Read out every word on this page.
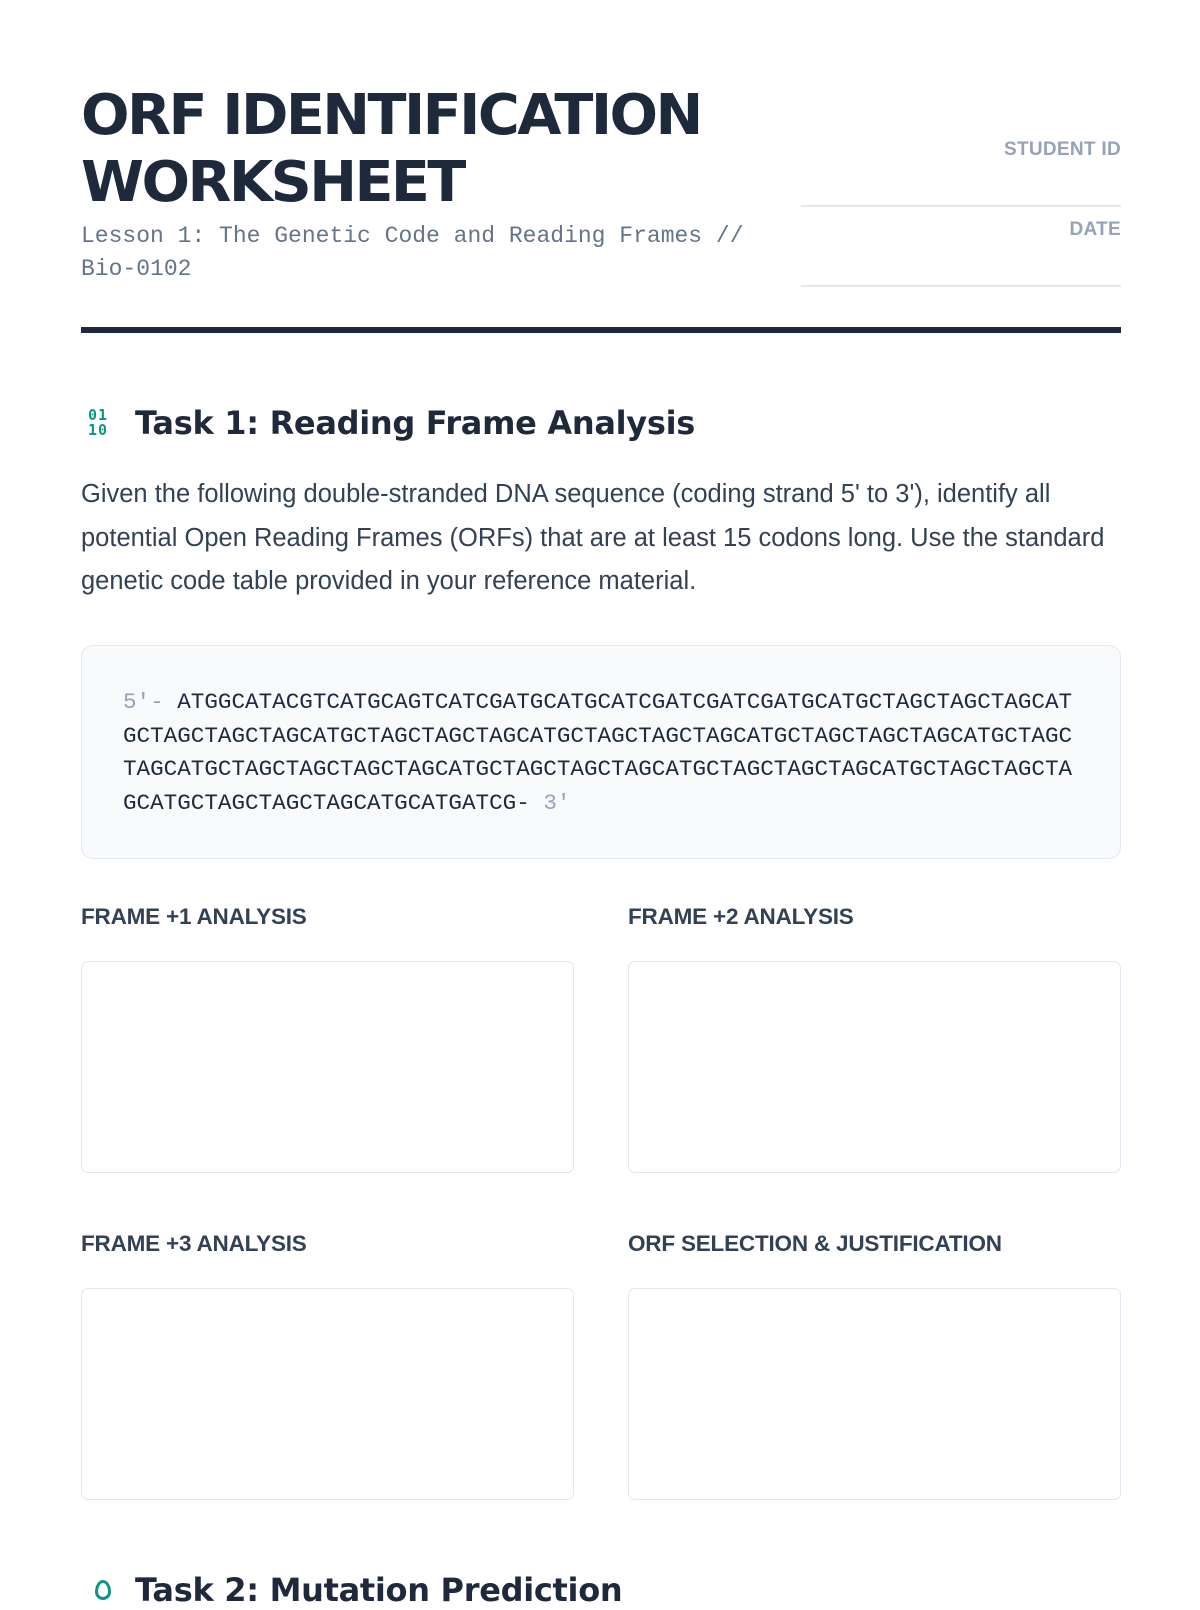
ORF IDENTIFICATION
WORKSHEET
Lesson 1: The Genetic Code and Reading Frames // Bio-0102
STUDENT ID
DATE
01
10 Task 1: Reading Frame Analysis
Given the following double-stranded DNA sequence (coding strand 5' to 3'), identify all potential Open Reading Frames (ORFs) that are at least 15 codons long. Use the standard genetic code table provided in your reference material.
5'- ATGGCATACGTCATGCAGTCATCGATGCATGCATCGATCGATCGATGCATGCTAGCTAGCTAGCATGCTAGCTAGCTAGCATGCTAGCTAGCTAGCATGCTAGCTAGCTAGCATGCTAGCTAGCTAGCATGCTAGCTAGCATGCTAGCTAGCTAGCTAGCATGCTAGCTAGCTAGCATGCTAGCTAGCTAGCATGCTAGCTAGCTAGCATGCTAGCTAGCTAGCATGCATGATCG- 3'
FRAME +1 ANALYSIS	FRAME +2 ANALYSIS
FRAME +3 ANALYSIS	ORF SELECTION & JUSTIFICATION
Task 2: Mutation Prediction
